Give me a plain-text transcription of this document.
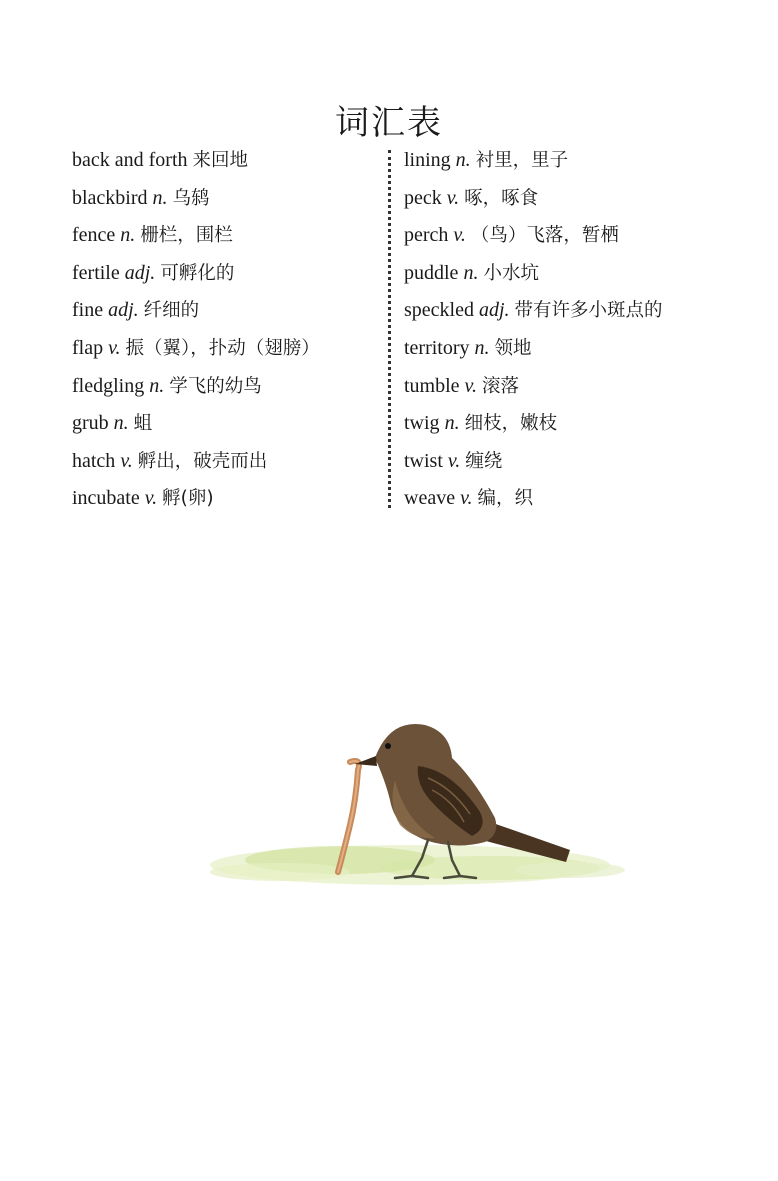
词汇表
back and forth 来回地
blackbird n. 乌鸫
fence n. 栅栏，围栏
fertile adj. 可孵化的
fine adj. 纤细的
flap v. 振（翼），扑动（翅膀）
fledgling n. 学飞的幼鸟
grub n. 蛆
hatch v. 孵出，破壳而出
incubate v. 孵(卵)
lining n. 衬里，里子
peck v. 啄，啄食
perch v. （鸟）飞落，暂栖
puddle n. 小水坑
speckled adj. 带有许多小斑点的
territory n. 领地
tumble v. 滚落
twig n. 细枝，嫩枝
twist v. 缠绕
weave v. 编，织
